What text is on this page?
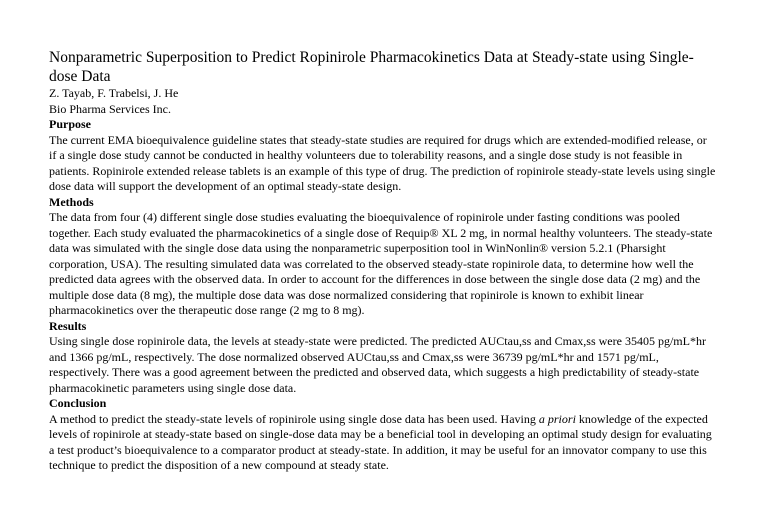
Nonparametric Superposition to Predict Ropinirole Pharmacokinetics Data at Steady-state using Single-dose Data

Z. Tayab, F. Trabelsi, J. He

Bio Pharma Services Inc.

Purpose

The current EMA bioequivalence guideline states that steady-state studies are required for drugs which are extended-modified release, or if a single dose study cannot be conducted in healthy volunteers due to tolerability reasons, and a single dose study is not feasible in patients. Ropinirole extended release tablets is an example of this type of drug. The prediction of ropinirole steady-state levels using single dose data will support the development of an optimal steady-state design.

Methods

The data from four (4) different single dose studies evaluating the bioequivalence of ropinirole under fasting conditions was pooled together. Each study evaluated the pharmacokinetics of a single dose of Requip® XL 2 mg, in normal healthy volunteers. The steady-state data was simulated with the single dose data using the nonparametric superposition tool in WinNonlin® version 5.2.1 (Pharsight corporation, USA). The resulting simulated data was correlated to the observed steady-state ropinirole data, to determine how well the predicted data agrees with the observed data. In order to account for the differences in dose between the single dose data (2 mg) and the multiple dose data (8 mg), the multiple dose data was dose normalized considering that ropinirole is known to exhibit linear pharmacokinetics over the therapeutic dose range (2 mg to 8 mg).

Results

Using single dose ropinirole data, the levels at steady-state were predicted. The predicted AUCtau,ss and Cmax,ss were 35405 pg/mL*hr and 1366 pg/mL, respectively. The dose normalized observed AUCtau,ss and Cmax,ss were 36739 pg/mL*hr and 1571 pg/mL, respectively. There was a good agreement between the predicted and observed data, which suggests a high predictability of steady-state pharmacokinetic parameters using single dose data.

Conclusion

A method to predict the steady-state levels of ropinirole using single dose data has been used. Having a priori knowledge of the expected levels of ropinirole at steady-state based on single-dose data may be a beneficial tool in developing an optimal study design for evaluating a test product’s bioequivalence to a comparator product at steady-state. In addition, it may be useful for an innovator company to use this technique to predict the disposition of a new compound at steady state.
